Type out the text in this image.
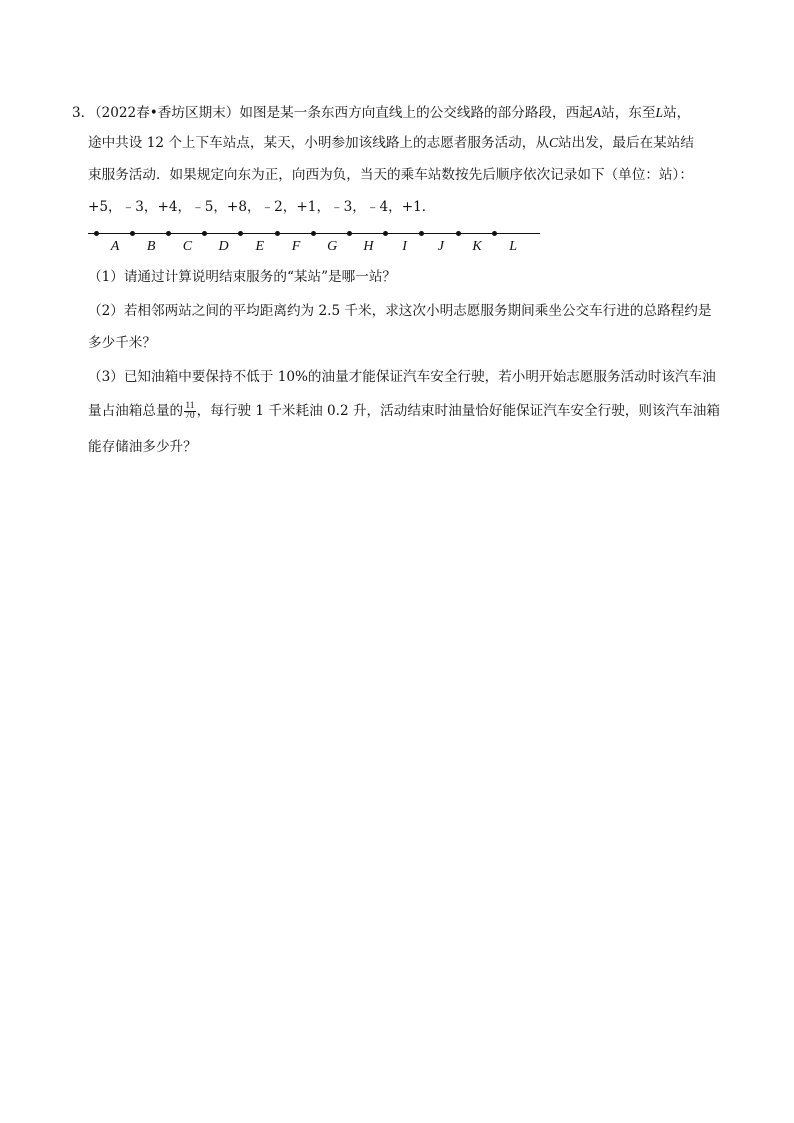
3．
（2022春•香坊区期末）如图是某一条东西方向直线上的公交线路的部分路段，西起A站，东至L站，
途中共设 12 个上下车站点，某天，小明参加该线路上的志愿者服务活动，从C站出发，最后在某站结
束服务活动．如果规定向东为正，向西为负，当天的乘车站数按先后顺序依次记录如下（单位：站）：
+5，﹣3，+4，﹣5，+8，﹣2，+1，﹣3，﹣4，+1．
A	B	C	D	E	F	G	H	I	J	K	L
（1）请通过计算说明结束服务的“某站”是哪一站？
（2）若相邻两站之间的平均距离约为 2.5 千米，求这次小明志愿服务期间乘坐公交车行进的总路程约是
多少千米？
（3）已知油箱中要保持不低于 10%的油量才能保证汽车安全行驶，若小明开始志愿服务活动时该汽车油
量占油箱总量的 $\frac{11}{70}$ ，每行驶 1 千米耗油 0.2 升，活动结束时油量恰好能保证汽车安全行驶，则该汽车油箱
能存储油多少升？
